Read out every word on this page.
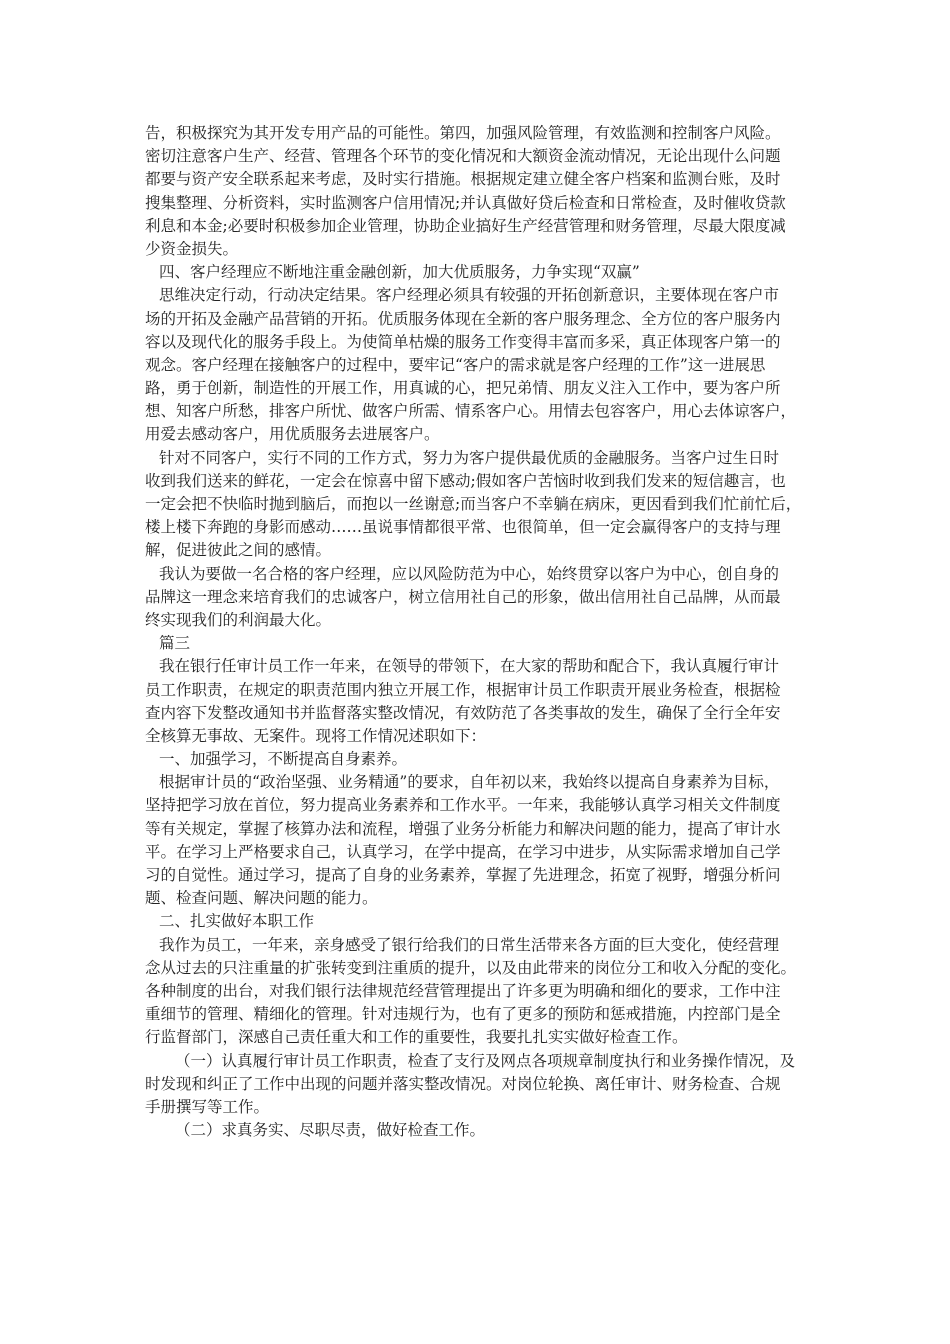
告，积极探究为其开发专用产品的可能性。第四，加强风险管理，有效监测和控制客户风险。
密切注意客户生产、经营、管理各个环节的变化情况和大额资金流动情况，无论出现什么问题
都要与资产安全联系起来考虑，及时实行措施。根据规定建立健全客户档案和监测台账，及时
搜集整理、分析资料，实时监测客户信用情况;并认真做好贷后检查和日常检查，及时催收贷款
利息和本金;必要时积极参加企业管理，协助企业搞好生产经营管理和财务管理，尽最大限度减
少资金损失。
四、客户经理应不断地注重金融创新，加大优质服务，力争实现“双赢”
思维决定行动，行动决定结果。客户经理必须具有较强的开拓创新意识，主要体现在客户市
场的开拓及金融产品营销的开拓。优质服务体现在全新的客户服务理念、全方位的客户服务内
容以及现代化的服务手段上。为使简单枯燥的服务工作变得丰富而多采，真正体现客户第一的
观念。客户经理在接触客户的过程中，要牢记“客户的需求就是客户经理的工作”这一进展思
路，勇于创新，制造性的开展工作，用真诚的心，把兄弟情、朋友义注入工作中，要为客户所
想、知客户所愁，排客户所忧、做客户所需、情系客户心。用情去包容客户，用心去体谅客户，
用爱去感动客户，用优质服务去进展客户。
针对不同客户，实行不同的工作方式，努力为客户提供最优质的金融服务。当客户过生日时
收到我们送来的鲜花，一定会在惊喜中留下感动;假如客户苦恼时收到我们发来的短信趣言，也
一定会把不快临时抛到脑后，而抱以一丝谢意;而当客户不幸躺在病床，更因看到我们忙前忙后，
楼上楼下奔跑的身影而感动……虽说事情都很平常、也很简单，但一定会赢得客户的支持与理
解，促进彼此之间的感情。
我认为要做一名合格的客户经理，应以风险防范为中心，始终贯穿以客户为中心，创自身的
品牌这一理念来培育我们的忠诚客户，树立信用社自己的形象，做出信用社自己品牌，从而最
终实现我们的利润最大化。
篇三
我在银行任审计员工作一年来，在领导的带领下，在大家的帮助和配合下，我认真履行审计
员工作职责，在规定的职责范围内独立开展工作，根据审计员工作职责开展业务检查，根据检
查内容下发整改通知书并监督落实整改情况，有效防范了各类事故的发生，确保了全行全年安
全核算无事故、无案件。现将工作情况述职如下：
一、加强学习，不断提高自身素养。
根据审计员的“政治坚强、业务精通”的要求，自年初以来，我始终以提高自身素养为目标，
坚持把学习放在首位，努力提高业务素养和工作水平。一年来，我能够认真学习相关文件制度
等有关规定，掌握了核算办法和流程，增强了业务分析能力和解决问题的能力，提高了审计水
平。在学习上严格要求自己，认真学习，在学中提高，在学习中进步，从实际需求增加自己学
习的自觉性。通过学习，提高了自身的业务素养，掌握了先进理念，拓宽了视野，增强分析问
题、检查问题、解决问题的能力。
二、扎实做好本职工作
我作为员工，一年来，亲身感受了银行给我们的日常生活带来各方面的巨大变化，使经营理
念从过去的只注重量的扩张转变到注重质的提升，以及由此带来的岗位分工和收入分配的变化。
各种制度的出台，对我们银行法律规范经营管理提出了许多更为明确和细化的要求，工作中注
重细节的管理、精细化的管理。针对违规行为，也有了更多的预防和惩戒措施，内控部门是全
行监督部门，深感自己责任重大和工作的重要性，我要扎扎实实做好检查工作。
（一）认真履行审计员工作职责，检查了支行及网点各项规章制度执行和业务操作情况，及
时发现和纠正了工作中出现的问题并落实整改情况。对岗位轮换、离任审计、财务检查、合规
手册撰写等工作。
（二）求真务实、尽职尽责，做好检查工作。
